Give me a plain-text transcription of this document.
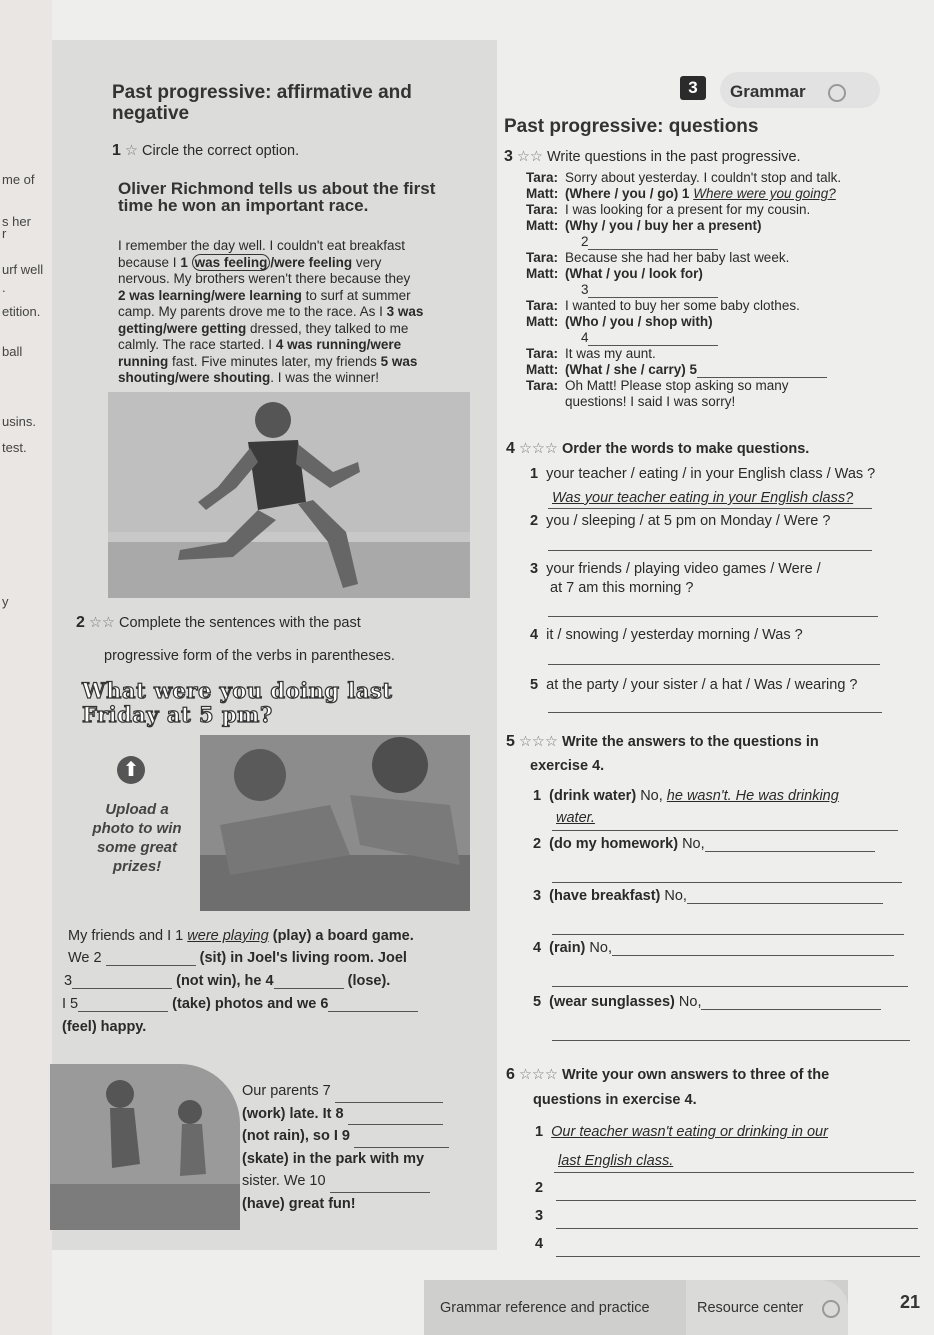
me of
s her
r
urf well
.
etition.
ball
usins.
test.
y
3	Grammar
Past progressive: affirmative and
negative
1 ☆ Circle the correct option.
Oliver Richmond tells us about the first time he won an important race.
I remember the day well. I couldn't eat breakfast
because I 1 was feeling /were feeling very
nervous. My brothers weren't there because they
2 was learning/were learning to surf at summer
camp. My parents drove me to the race. As I 3 was
getting/were getting dressed, they talked to me
calmly. The race started. I 4 was running/were
running fast. Five minutes later, my friends 5 was
shouting/were shouting. I was the winner!
2 ☆☆ Complete the sentences with the past
progressive form of the verbs in parentheses.
What were you doing last
Friday at 5 pm?
⬆
Upload a
photo to win
some great
prizes!
My friends and I 1 were playing (play) a board game.
We 2	(sit) in Joel's living room. Joel
3	(not win), he 4	(lose).
I 5	(take) photos and we 6
(feel) happy.
Our parents 7
(work) late. It 8
(not rain), so I 9
(skate) in the park with my
sister. We 10
(have) great fun!
Past progressive: questions
3 ☆☆ Write questions in the past progressive.
Tara:	Sorry about yesterday. I couldn't stop and talk.
Matt:	(Where / you / go) 1 Where were you going?
Tara:	I was looking for a present for my cousin.
Matt:	(Why / you / buy her a present)
	2
Tara:	Because she had her baby last week.
Matt:	(What / you / look for)
	3
Tara:	I wanted to buy her some baby clothes.
Matt:	(Who / you / shop with)
	4
Tara:	It was my aunt.
Matt:	(What / she / carry) 5
Tara:	Oh Matt! Please stop asking so many
	questions! I said I was sorry!
4 ☆☆☆ Order the words to make questions.
1 your teacher / eating / in your English class / Was ?
Was your teacher eating in your English class?
2 you / sleeping / at 5 pm on Monday / Were ?
3 your friends / playing video games / Were /
at 7 am this morning ?
4 it / snowing / yesterday morning / Was ?
5 at the party / your sister / a hat / Was / wearing ?
5 ☆☆☆ Write the answers to the questions in
exercise 4.
1 (drink water) No, he wasn't. He was drinking
water.
2 (do my homework) No,
3 (have breakfast) No,
4 (rain) No,
5 (wear sunglasses) No,
6 ☆☆☆ Write your own answers to three of the
questions in exercise 4.
1 Our teacher wasn't eating or drinking in our
last English class.
2
3
4
Grammar reference and practice	Resource center	21
